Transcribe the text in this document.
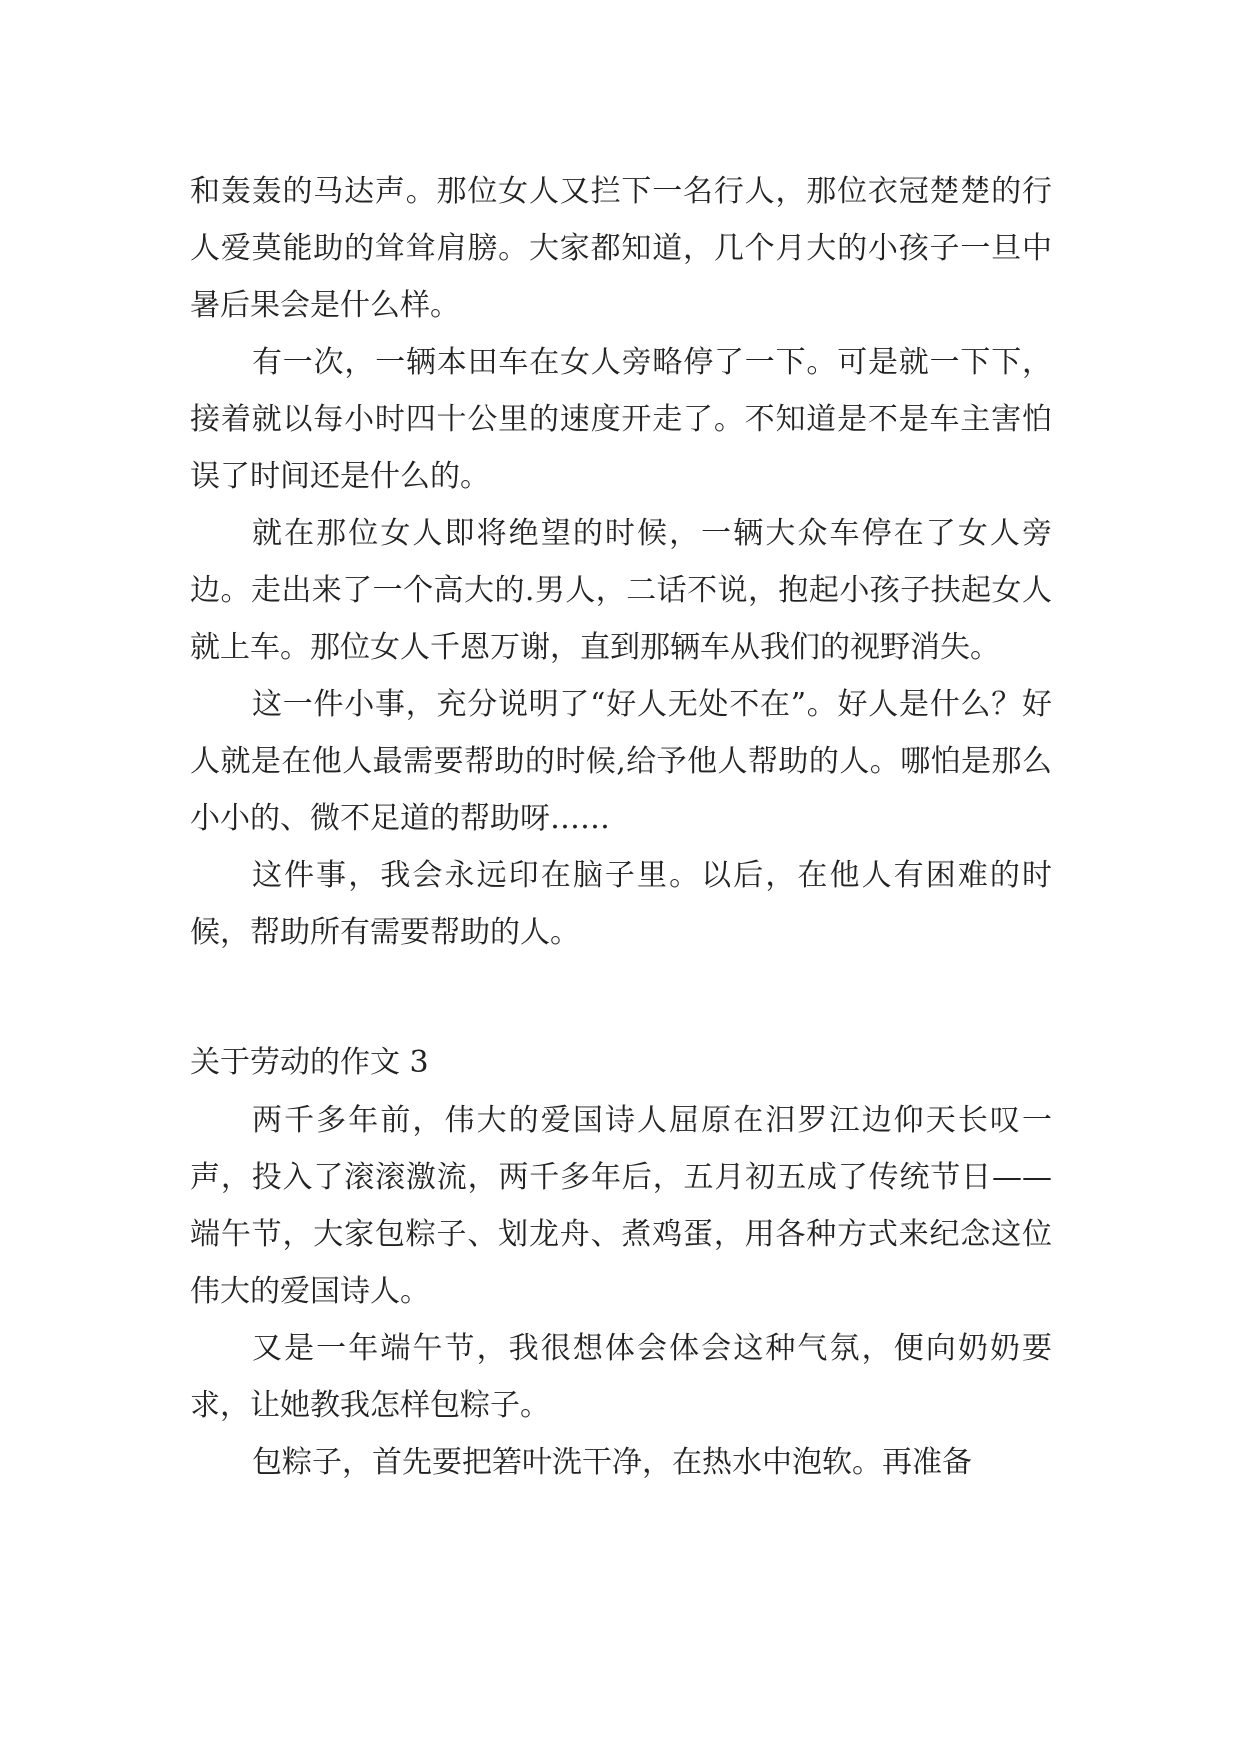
和轰轰的马达声。那位女人又拦下一名行人，那位衣冠楚楚的行人爱莫能助的耸耸肩膀。大家都知道，几个月大的小孩子一旦中暑后果会是什么样。

有一次，一辆本田车在女人旁略停了一下。可是就一下下，接着就以每小时四十公里的速度开走了。不知道是不是车主害怕误了时间还是什么的。

就在那位女人即将绝望的时候，一辆大众车停在了女人旁边。走出来了一个高大的.男人，二话不说，抱起小孩子扶起女人就上车。那位女人千恩万谢，直到那辆车从我们的视野消失。

这一件小事，充分说明了“好人无处不在”。好人是什么？好人就是在他人最需要帮助的时候,给予他人帮助的人。哪怕是那么小小的、微不足道的帮助呀……

这件事，我会永远印在脑子里。以后，在他人有困难的时候，帮助所有需要帮助的人。

关于劳动的作文 3

两千多年前，伟大的爱国诗人屈原在汨罗江边仰天长叹一声，投入了滚滚激流，两千多年后，五月初五成了传统节日——端午节，大家包粽子、划龙舟、煮鸡蛋，用各种方式来纪念这位伟大的爱国诗人。

又是一年端午节，我很想体会体会这种气氛，便向奶奶要求，让她教我怎样包粽子。

包粽子，首先要把箬叶洗干净，在热水中泡软。再准备
